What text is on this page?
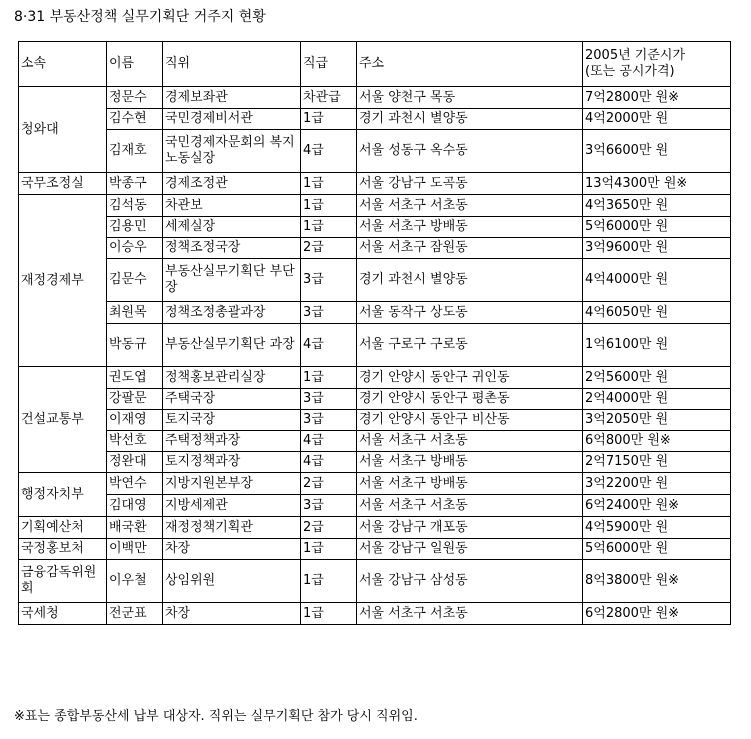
8·31 부동산정책 실무기획단 거주지 현황
소속	이름	직위	직급	주소	2005년 기준시가
(또는 공시가격)

청와대	정문수	경제보좌관	차관급	서울 양천구 목동	7억2800만 원※
	김수현	국민경제비서관	1급	경기 과천시 별양동	4억2000만 원
	김재호	국민경제자문회의 복지노동실장	4급	서울 성동구 옥수동	3억6600만 원
국무조정실	박종구	경제조정관	1급	서울 강남구 도곡동	13억4300만 원※
재정경제부	김석동	차관보	1급	서울 서초구 서초동	4억3650만 원
	김용민	세제실장	1급	서울 서초구 방배동	5억6000만 원
	이승우	정책조정국장	2급	서울 서초구 잠원동	3억9600만 원
	김문수	부동산실무기획단 부단장	3급	경기 과천시 별양동	4억4000만 원
	최원목	정책조정총괄과장	3급	서울 동작구 상도동	4억6050만 원
	박동규	부동산실무기획단 과장	4급	서울 구로구 구로동	1억6100만 원
건설교통부	권도엽	정책홍보관리실장	1급	경기 안양시 동안구 귀인동	2억5600만 원
	강팔문	주택국장	3급	경기 안양시 동안구 평촌동	2억4000만 원
	이재영	토지국장	3급	경기 안양시 동안구 비산동	3억2050만 원
	박선호	주택정책과장	4급	서울 서초구 서초동	6억800만 원※
	정완대	토지정책과장	4급	서울 서초구 방배동	2억7150만 원
행정자치부	박연수	지방지원본부장	2급	서울 서초구 방배동	3억2200만 원
	김대영	지방세제관	3급	서울 서초구 서초동	6억2400만 원※
기획예산처	배국환	재정정책기획관	2급	서울 강남구 개포동	4억5900만 원
국정홍보처	이백만	차장	1급	서울 강남구 일원동	5억6000만 원
금융감독위원회	이우철	상임위원	1급	서울 강남구 삼성동	8억3800만 원※
국세청	전군표	차장	1급	서울 서초구 서초동	6억2800만 원※
※표는 종합부동산세 납부 대상자. 직위는 실무기획단 참가 당시 직위임.
